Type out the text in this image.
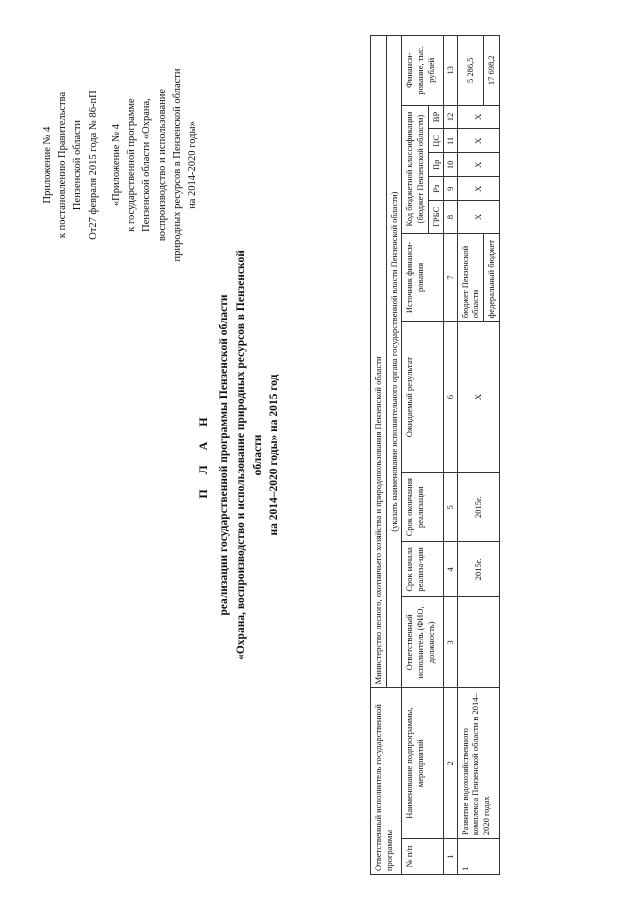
Приложение № 4 к постановлению Правительства Пензенской области От27 февраля 2015 года № 86-пП «Приложение № 4 к государственной программе Пензенской области «Охрана, воспроизводство и использование природных ресурсов в Пензенской области на 2014-2020 годы»
П Л А Н реализации государственной программы Пензенской области «Охрана, воспроизводство и использование природных ресурсов в Пензенской области на 2014–2020 годы» на 2015 год
Ответственный исполнитель государственной программы		Министерство лесного, охотничьего хозяйства и природопользования Пензенской области (указать наименование исполнительного органа государственной власти Пензенской области)										

№ п/п	Наименование подпрограммы, мероприятий	Ответственный исполнитель (ФИО, должность)	Срок начала реализа-ции	Срок окончания реализации	Ожидаемый результат	Источник финанси-рования	Код бюджетной классификации (бюджет Пензенской области)					Финанси-рование, тыс. рублей
							ГРБС	Рз	Пр	ЦС	ВР	
1	2	3	4	5	6	7	8	9	10	11	12	13
1	Развитие водохозяйственного комплекса Пензенской области в 2014–2020 годах		2015г.	2015г.	X	бюджет Пензенской области	X	X	X	X	X	5 286,5
						федеральный бюджет						17 698,2
